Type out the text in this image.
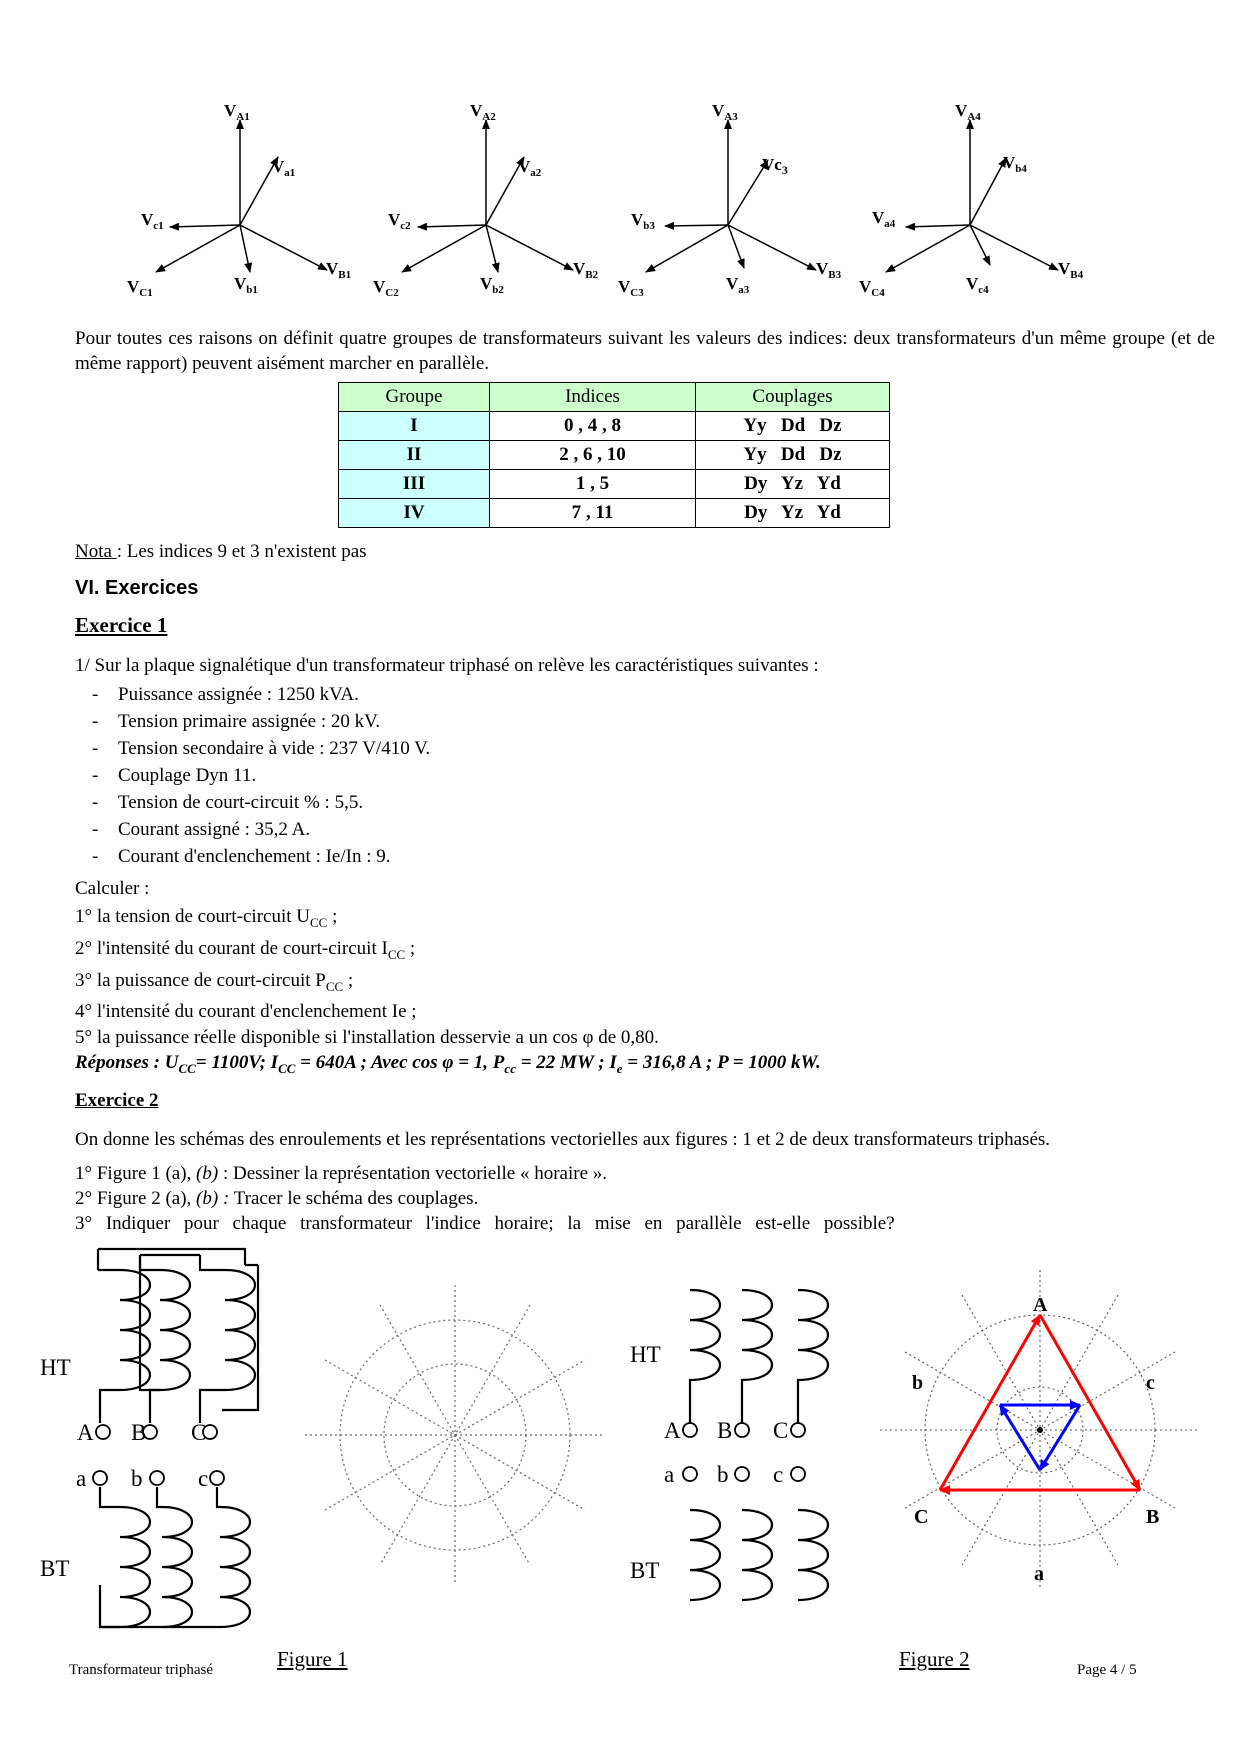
$V_{A1}$
$V_{a1}$
$V_{c1}$
$V_{C1}$	$V_{b1}$
$V_{B1}$
$V_{A2}$
$V_{a2}$
$V_{c2}$
$V_{C2}$	$V_{b2}$
$V_{B2}$
$V_{A3}$
$Vc_3$
$V_{b3}$
$V_{C3}$	$V_{a3}$
$V_{B3}$
$V_{A4}$
$V_{b4}$
$V_{a4}$
$V_{C4}$	$V_{c4}$
$V_{B4}$
Pour toutes ces raisons on définit quatre groupes de transformateurs suivant les valeurs des indices: deux transformateurs d'un même groupe (et de même rapport) peuvent aisément marcher en parallèle.
Groupe	Indices	Couplages
I	0 , 4 , 8	Yy   Dd   Dz
II	2 , 6 , 10	Yy   Dd   Dz
III	1 , 5	Dy   Yz   Yd
IV	7 , 11	Dy   Yz   Yd
Nota : Les indices 9 et 3 n'existent pas
VI. Exercices
Exercice 1
1/ Sur la plaque signalétique d'un transformateur triphasé on relève les caractéristiques suivantes :
- Puissance assignée : 1250 kVA.
- Tension primaire assignée : 20 kV.
- Tension secondaire à vide : 237 V/410 V.
- Couplage Dyn 11.
- Tension de court-circuit % : 5,5.
- Courant assigné : 35,2 A.
- Courant d'enclenchement : Ie/In : 9.
Calculer :
1° la tension de court-circuit $U_{CC}$ ;
2° l'intensité du courant de court-circuit $I_{CC}$ ;
3° la puissance de court-circuit $P_{CC}$ ;
4° l'intensité du courant d'enclenchement Ie ;
5° la puissance réelle disponible si l'installation desservie a un cos φ de 0,80.
Réponses : $U_{CC}= 1100V$; $I_{CC} = 640A$ ; Avec cos φ = 1, $P_{cc} = 22$ MW ; $I_e = 316,8$ A ; P = 1000 kW.
Exercice 2
On donne les schémas des enroulements et les représentations vectorielles aux figures : 1 et 2 de deux transformateurs triphasés.
1° Figure 1 (a), (b) : Dessiner la représentation vectorielle « horaire ».
2° Figure 2 (a), (b) : Tracer le schéma des couplages.
3° Indiquer pour chaque transformateur l'indice horaire; la mise en parallèle est-elle possible?
HT
BT
A B C
a b c
HT
BT
A B C
a b c
A
B
C
a
b	c
Figure 1	Figure 2
Transformateur triphasé	Page 4 / 5
